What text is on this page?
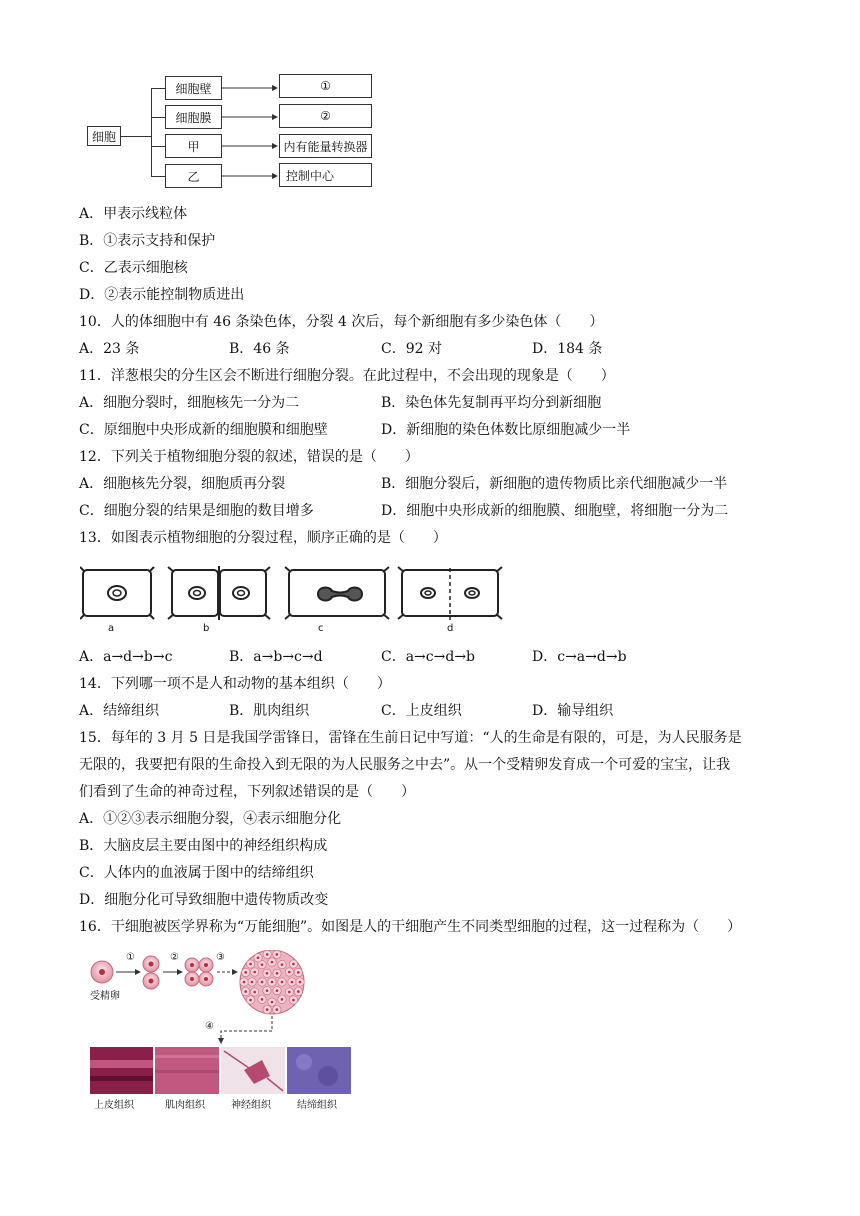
细胞
细胞壁
细胞膜
甲
乙
①
②
内有能量转换器
控制中心
A．甲表示线粒体
B．①表示支持和保护
C．乙表示细胞核
D．②表示能控制物质进出
10．人的体细胞中有 46 条染色体，分裂 4 次后，每个新细胞有多少染色体（　　）
A．23 条	B．46 条	C．92 对	D．184 条
11．洋葱根尖的分生区会不断进行细胞分裂。在此过程中，不会出现的现象是（　　）
A．细胞分裂时，细胞核先一分为二	B．染色体先复制再平均分到新细胞
C．原细胞中央形成新的细胞膜和细胞壁	D．新细胞的染色体数比原细胞减少一半
12．下列关于植物细胞分裂的叙述，错误的是（　　）
A．细胞核先分裂，细胞质再分裂	B．细胞分裂后，新细胞的遗传物质比亲代细胞减少一半
C．细胞分裂的结果是细胞的数目增多	D．细胞中央形成新的细胞膜、细胞壁，将细胞一分为二
13．如图表示植物细胞的分裂过程，顺序正确的是（　　）
a	b	c	d
A．a→d→b→c	B．a→b→c→d	C．a→c→d→b	D．c→a→d→b
14．下列哪一项不是人和动物的基本组织（　　）
A．结缔组织	B．肌肉组织	C．上皮组织	D．输导组织
15．每年的 3 月 5 日是我国学雷锋日，雷锋在生前日记中写道：“人的生命是有限的，可是，为人民服务是
无限的，我要把有限的生命投入到无限的为人民服务之中去”。从一个受精卵发育成一个可爱的宝宝，让我
们看到了生命的神奇过程，下列叙述错误的是（　　）
A．①②③表示细胞分裂，④表示细胞分化
B．大脑皮层主要由图中的神经组织构成
C．人体内的血液属于图中的结缔组织
D．细胞分化可导致细胞中遗传物质改变
16．干细胞被医学界称为“万能细胞”。如图是人的干细胞产生不同类型细胞的过程，这一过程称为（　　）
①	②	③
④
受精卵
上皮组织	肌肉组织	神经组织	结缔组织
